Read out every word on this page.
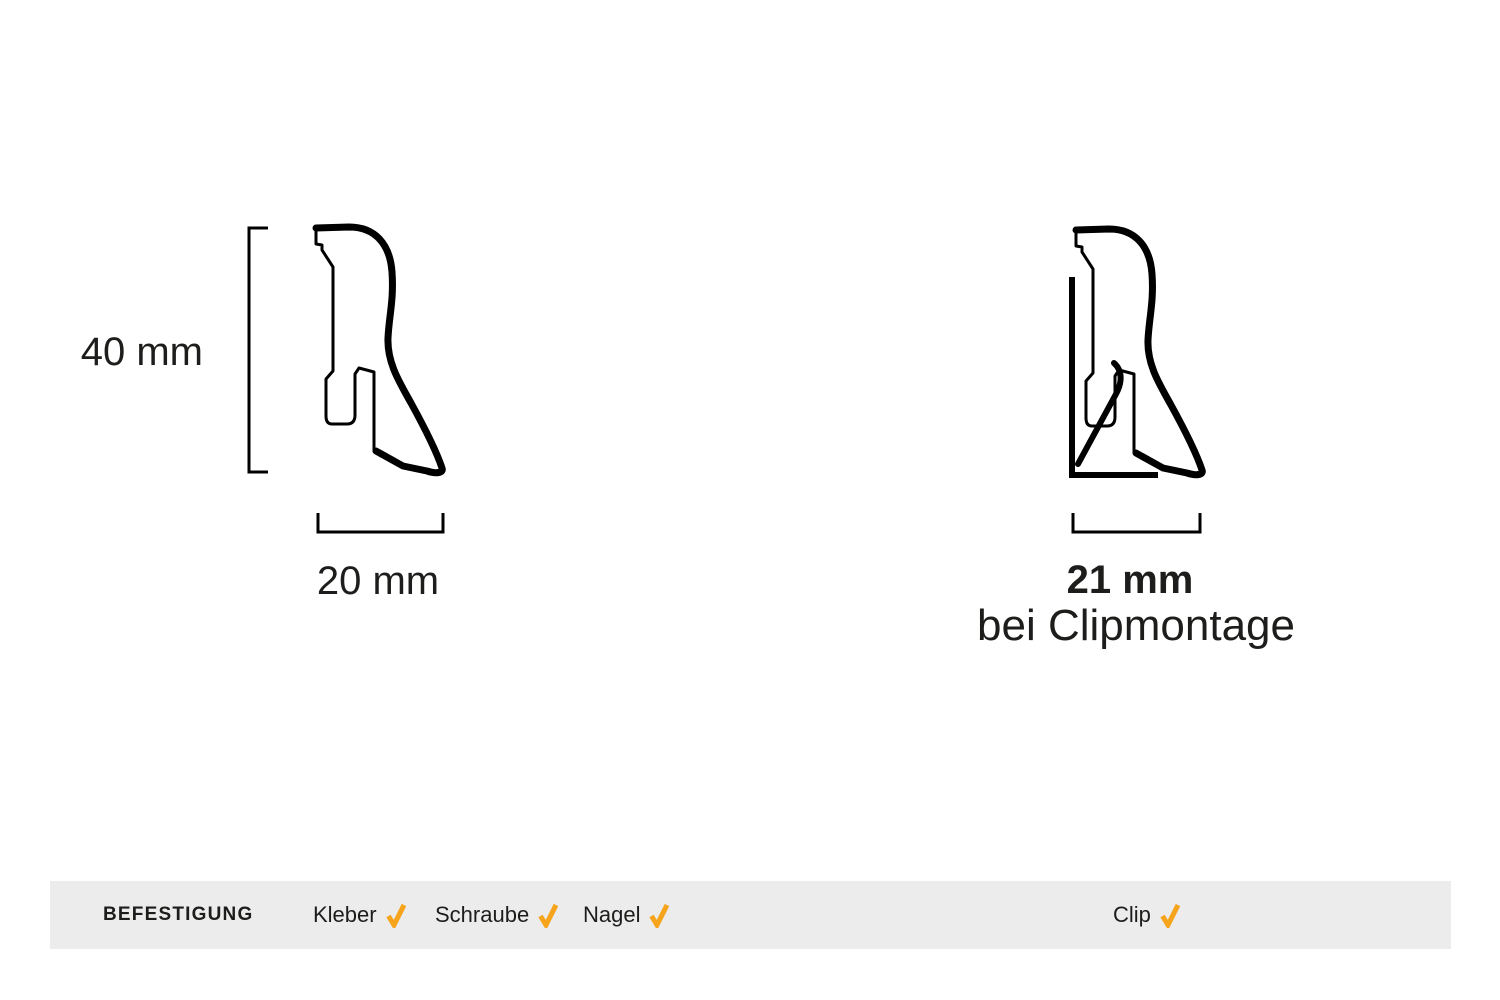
40 mm
20 mm	21 mm
bei Clipmontage
BEFESTIGUNG	Kleber	Schraube Nagel	Clip
